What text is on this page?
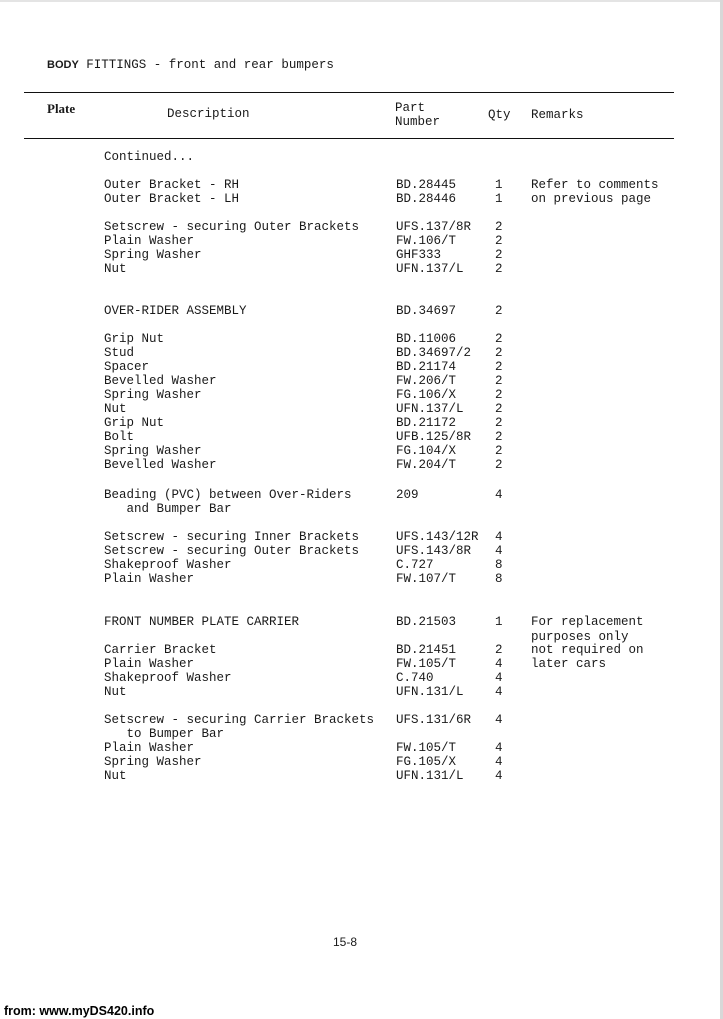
BODY FITTINGS - front and rear bumpers
Plate	Description	Part
Number	Qty Remarks
Continued...
Outer Bracket - RH	BD.28445	1 Refer to comments
Outer Bracket - LH	BD.28446	1 on previous page
Setscrew - securing Outer Brackets	UFS.137/8R 2
Plain Washer	FW.106/T	2
Spring Washer	GHF333	2
Nut	UFN.137/L	2
OVER-RIDER ASSEMBLY	BD.34697	2
Grip Nut	BD.11006	2
Stud	BD.34697/2 2
Spacer	BD.21174	2
Bevelled Washer	FW.206/T	2
Spring Washer	FG.106/X	2
Nut	UFN.137/L	2
Grip Nut	BD.21172	2
Bolt	UFB.125/8R 2
Spring Washer	FG.104/X	2
Bevelled Washer	FW.204/T	2
Beading (PVC) between Over-Riders	209	4
and Bumper Bar
Setscrew - securing Inner Brackets	UFS.143/12R 4
Setscrew - securing Outer Brackets	UFS.143/8R 4
Shakeproof Washer	C.727	8
Plain Washer	FW.107/T	8
FRONT NUMBER PLATE CARRIER	BD.21503	1 For replacement
purposes only
Carrier Bracket	BD.21451	2 not required on
Plain Washer	FW.105/T	4 later cars
Shakeproof Washer	C.740	4
Nut	UFN.131/L	4
Setscrew - securing Carrier Brackets UFS.131/6R 4
to Bumper Bar
Plain Washer	FW.105/T	4
Spring Washer	FG.105/X	4
Nut	UFN.131/L	4
15-8
from: www.myDS420.info
